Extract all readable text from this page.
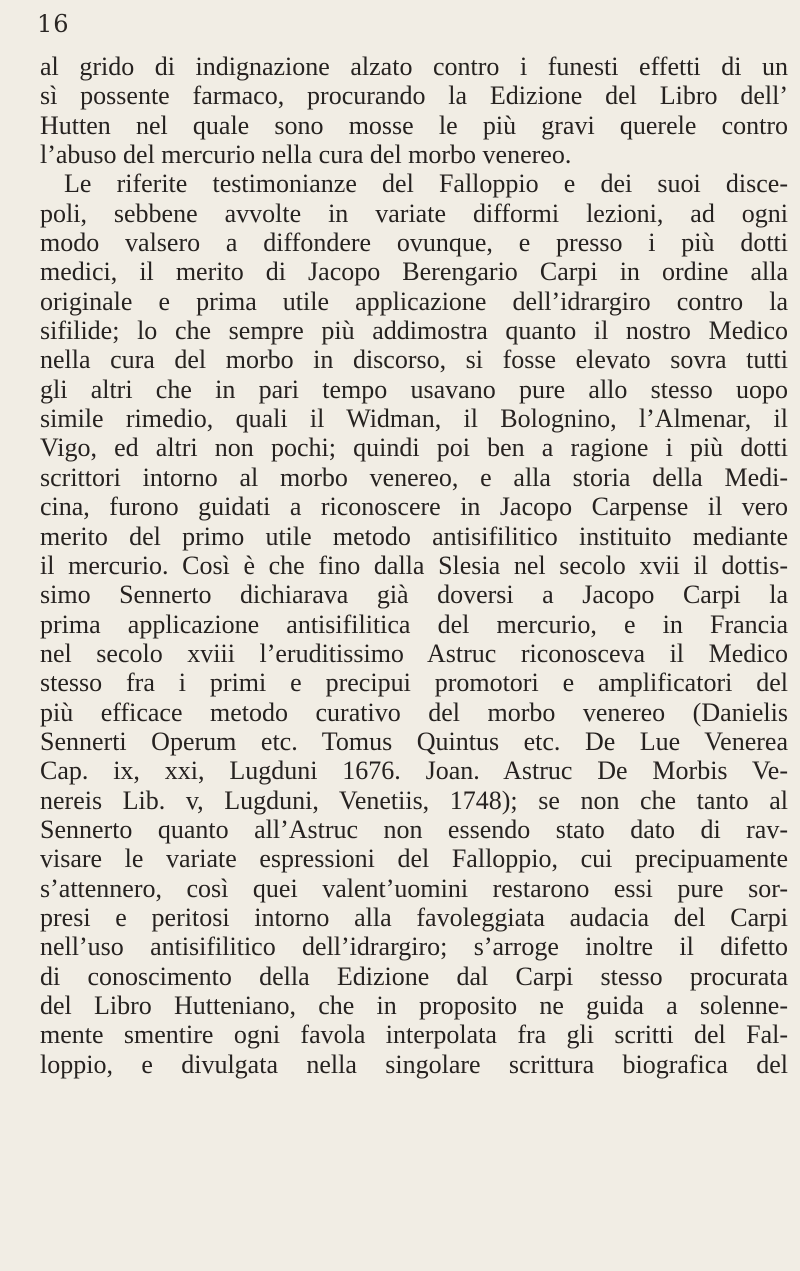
16
al grido di indignazione alzato contro i funesti effetti di un
sì possente farmaco, procurando la Edizione del Libro dell’
Hutten nel quale sono mosse le più gravi querele contro
l’abuso del mercurio nella cura del morbo venereo.
Le riferite testimonianze del Falloppio e dei suoi disce-
poli, sebbene avvolte in variate difformi lezioni, ad ogni
modo valsero a diffondere ovunque, e presso i più dotti
medici, il merito di Jacopo Berengario Carpi in ordine alla
originale e prima utile applicazione dell’idrargiro contro la
sifilide; lo che sempre più addimostra quanto il nostro Medico
nella cura del morbo in discorso, si fosse elevato sovra tutti
gli altri che in pari tempo usavano pure allo stesso uopo
simile rimedio, quali il Widman, il Bolognino, l’Almenar, il
Vigo, ed altri non pochi; quindi poi ben a ragione i più dotti
scrittori intorno al morbo venereo, e alla storia della Medi-
cina, furono guidati a riconoscere in Jacopo Carpense il vero
merito del primo utile metodo antisifilitico instituito mediante
il mercurio. Così è che fino dalla Slesia nel secolo xvii il dottis-
simo Sennerto dichiarava già doversi a Jacopo Carpi la
prima applicazione antisifilitica del mercurio, e in Francia
nel secolo xviii l’eruditissimo Astruc riconosceva il Medico
stesso fra i primi e precipui promotori e amplificatori del
più efficace metodo curativo del morbo venereo (Danielis
Sennerti Operum etc. Tomus Quintus etc. De Lue Venerea
Cap. ix, xxi, Lugduni 1676. Joan. Astruc De Morbis Ve-
nereis Lib. v, Lugduni, Venetiis, 1748); se non che tanto al
Sennerto quanto all’Astruc non essendo stato dato di rav-
visare le variate espressioni del Falloppio, cui precipuamente
s’attennero, così quei valent’uomini restarono essi pure sor-
presi e peritosi intorno alla favoleggiata audacia del Carpi
nell’uso antisifilitico dell’idrargiro; s’arroge inoltre il difetto
di conoscimento della Edizione dal Carpi stesso procurata
del Libro Hutteniano, che in proposito ne guida a solenne-
mente smentire ogni favola interpolata fra gli scritti del Fal-
loppio, e divulgata nella singolare scrittura biografica del
